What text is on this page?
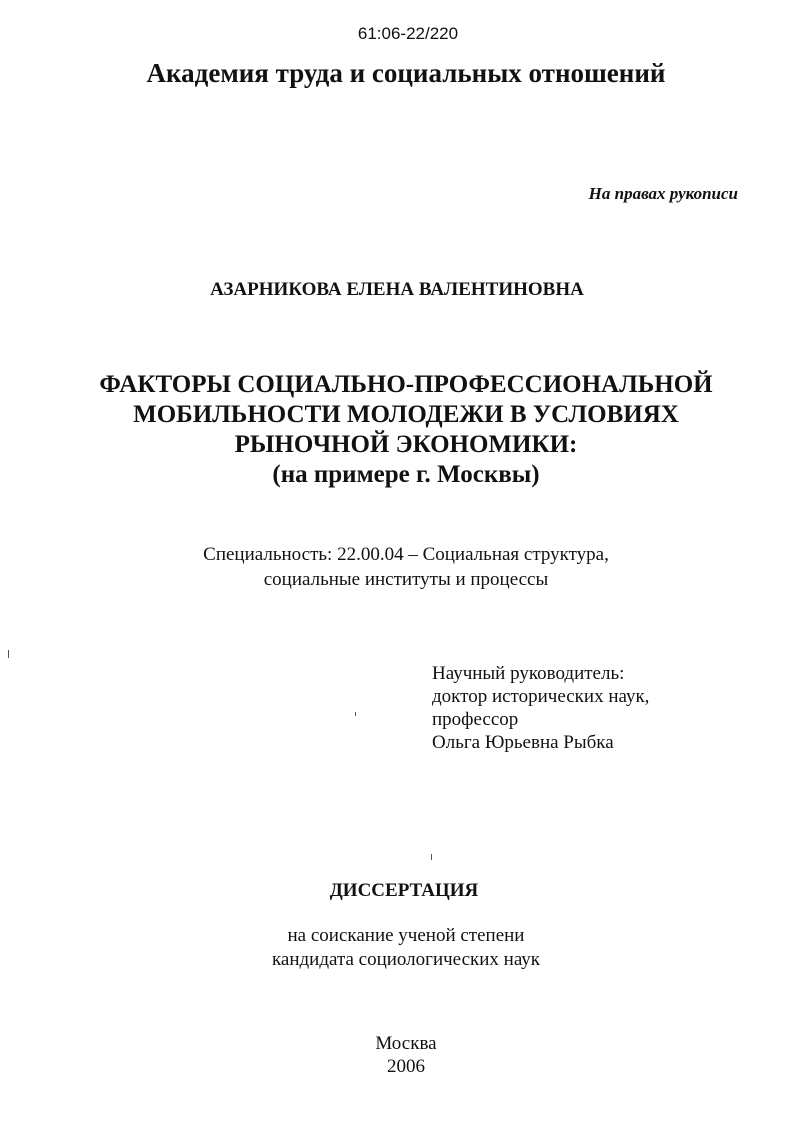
61:06-22/220
Академия труда и социальных отношений
На правах рукописи
АЗАРНИКОВА ЕЛЕНА ВАЛЕНТИНОВНА
ФАКТОРЫ СОЦИАЛЬНО-ПРОФЕССИОНАЛЬНОЙ
МОБИЛЬНОСТИ МОЛОДЕЖИ В УСЛОВИЯХ
РЫНОЧНОЙ ЭКОНОМИКИ:
(на примере г. Москвы)
Специальность: 22.00.04 – Социальная структура,
социальные институты и процессы
Научный руководитель:
доктор исторических наук,
профессор
Ольга Юрьевна Рыбка
ДИССЕРТАЦИЯ
на соискание ученой степени
кандидата социологических наук
Москва
2006
